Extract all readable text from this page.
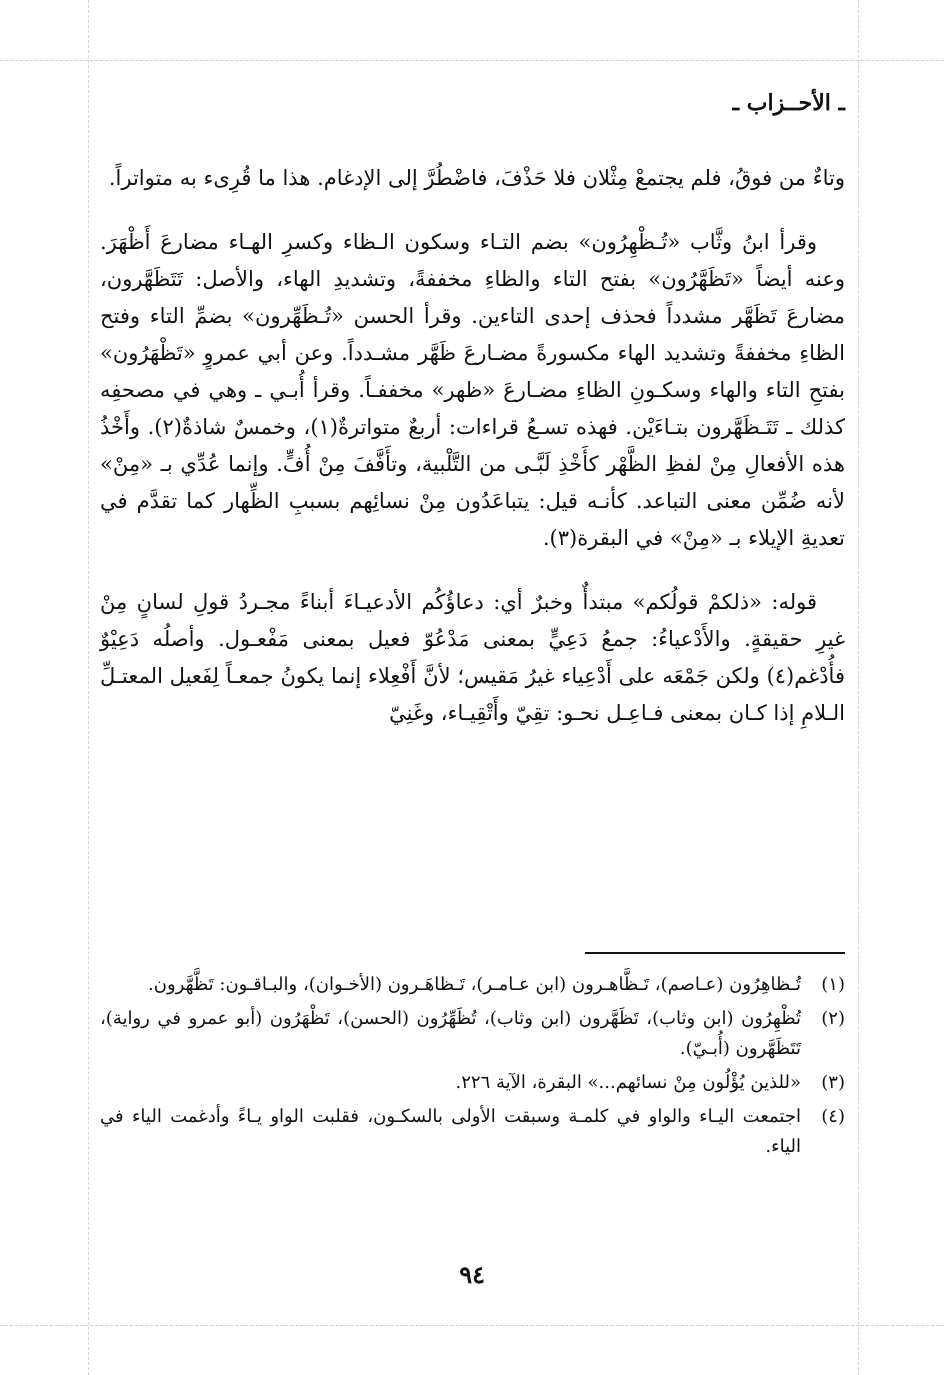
ـ الأحــزاب ـ

وتاءٌ من فوقُ، فلم يجتمعْ مِثْلان فلا حَذْفَ، فاضْطُرَّ إلى الإدغام. هذا ما قُرِىء به متواتراً.

وقرأ ابنُ وثَّاب «تُـظْهِرُون» بضم التـاء وسكون الـظاء وكسرِ الهـاء مضارعَ أَظْهَرَ. وعنه أيضاً «تَظَهَّرُون» بفتح التاء والظاءِ مخففةً، وتشديدِ الهاء، والأصل: تَتَظَهَّرون، مضارعَ تَظَهَّر مشدداً فحذف إحدى التاءين. وقرأ الحسن «تُـظَهِّرون» بضمِّ التاء وفتح الظاءِ مخففةً وتشديد الهاء مكسورةً مضـارعَ ظَهَّر مشـدداً. وعن أبي عمروٍ «تَظْهَرُون» بفتحِ التاء والهاء وسكـونِ الظاءِ مضـارعَ «ظهر» مخففـاً. وقرأ أُبـي ـ وهي في مصحفِه كذلك ـ تَتَـظَهَّرون بتـاءَيْن. فهذه تسـعُ قراءات: أربعٌ متواترةٌ(١)، وخمسٌ شاذةٌ(٢). وأَخْذُ هذه الأفعالِ مِنْ لفظِ الظَّهْر كأَخْذِ لَبَّـى من التَّلْبية، وتأَفَّفَ مِنْ أُفٍّ. وإنما عُدِّي بـ «مِنْ» لأنه ضُمِّن معنى التباعد. كأنـه قيل: يتباعَدُون مِنْ نسائِهم بسببِ الظِّهار كما تقدَّم في تعديةِ الإيلاء بـ «مِنْ» في البقرة(٣).

قوله: «ذلكمْ قولُكم» مبتدأٌ وخبرٌ أي: دعاؤُكُم الأدعيـاءَ أبناءً مجـردُ قولِ لسانٍ مِنْ غيرِ حقيقةٍ. والأَدْعياءُ: جمعُ دَعِيٍّ بمعنى مَدْعُوّ فعيل بمعنى مَفْعـول. وأصلُه دَعِيْوٌ فأُدْغم(٤) ولكن جَمْعَه على أَدْعِياء غيرُ مَقيس؛ لأنَّ أَفْعِلاء إنما يكونُ جمعـاً لِفَعيل المعتـلِّ الـلامِ إذا كـان بمعنى فـاعِـل نحـو: تقِيّ وأَتْقِيـاء، وغَنِيّ

(١)
تُـظاهِرُون (عـاصم)، تَـظَّاهـرون (ابن عـامـر)، تَـظاهَـرون (الأخـوان)، والبـاقـون: تَظَّهَّرون.
(٢)
تُظْهِرُون (ابن وثاب)، تَظَهَّرون (ابن وثاب)، تُظَهِّرُون (الحسن)، تَظْهَرُون (أبو عمرو في رواية)، تَتَظَهَّرون (أُبـيّ).
(٣)
«للذين يُؤْلُون مِنْ نسائهم...» البقرة، الآية ٢٢٦.
(٤)
اجتمعت اليـاء والواو في كلمـة وسبقت الأولى بالسكـون، فقلبت الواو يـاءً وأدغمت الياء في الياء.
٩٤
